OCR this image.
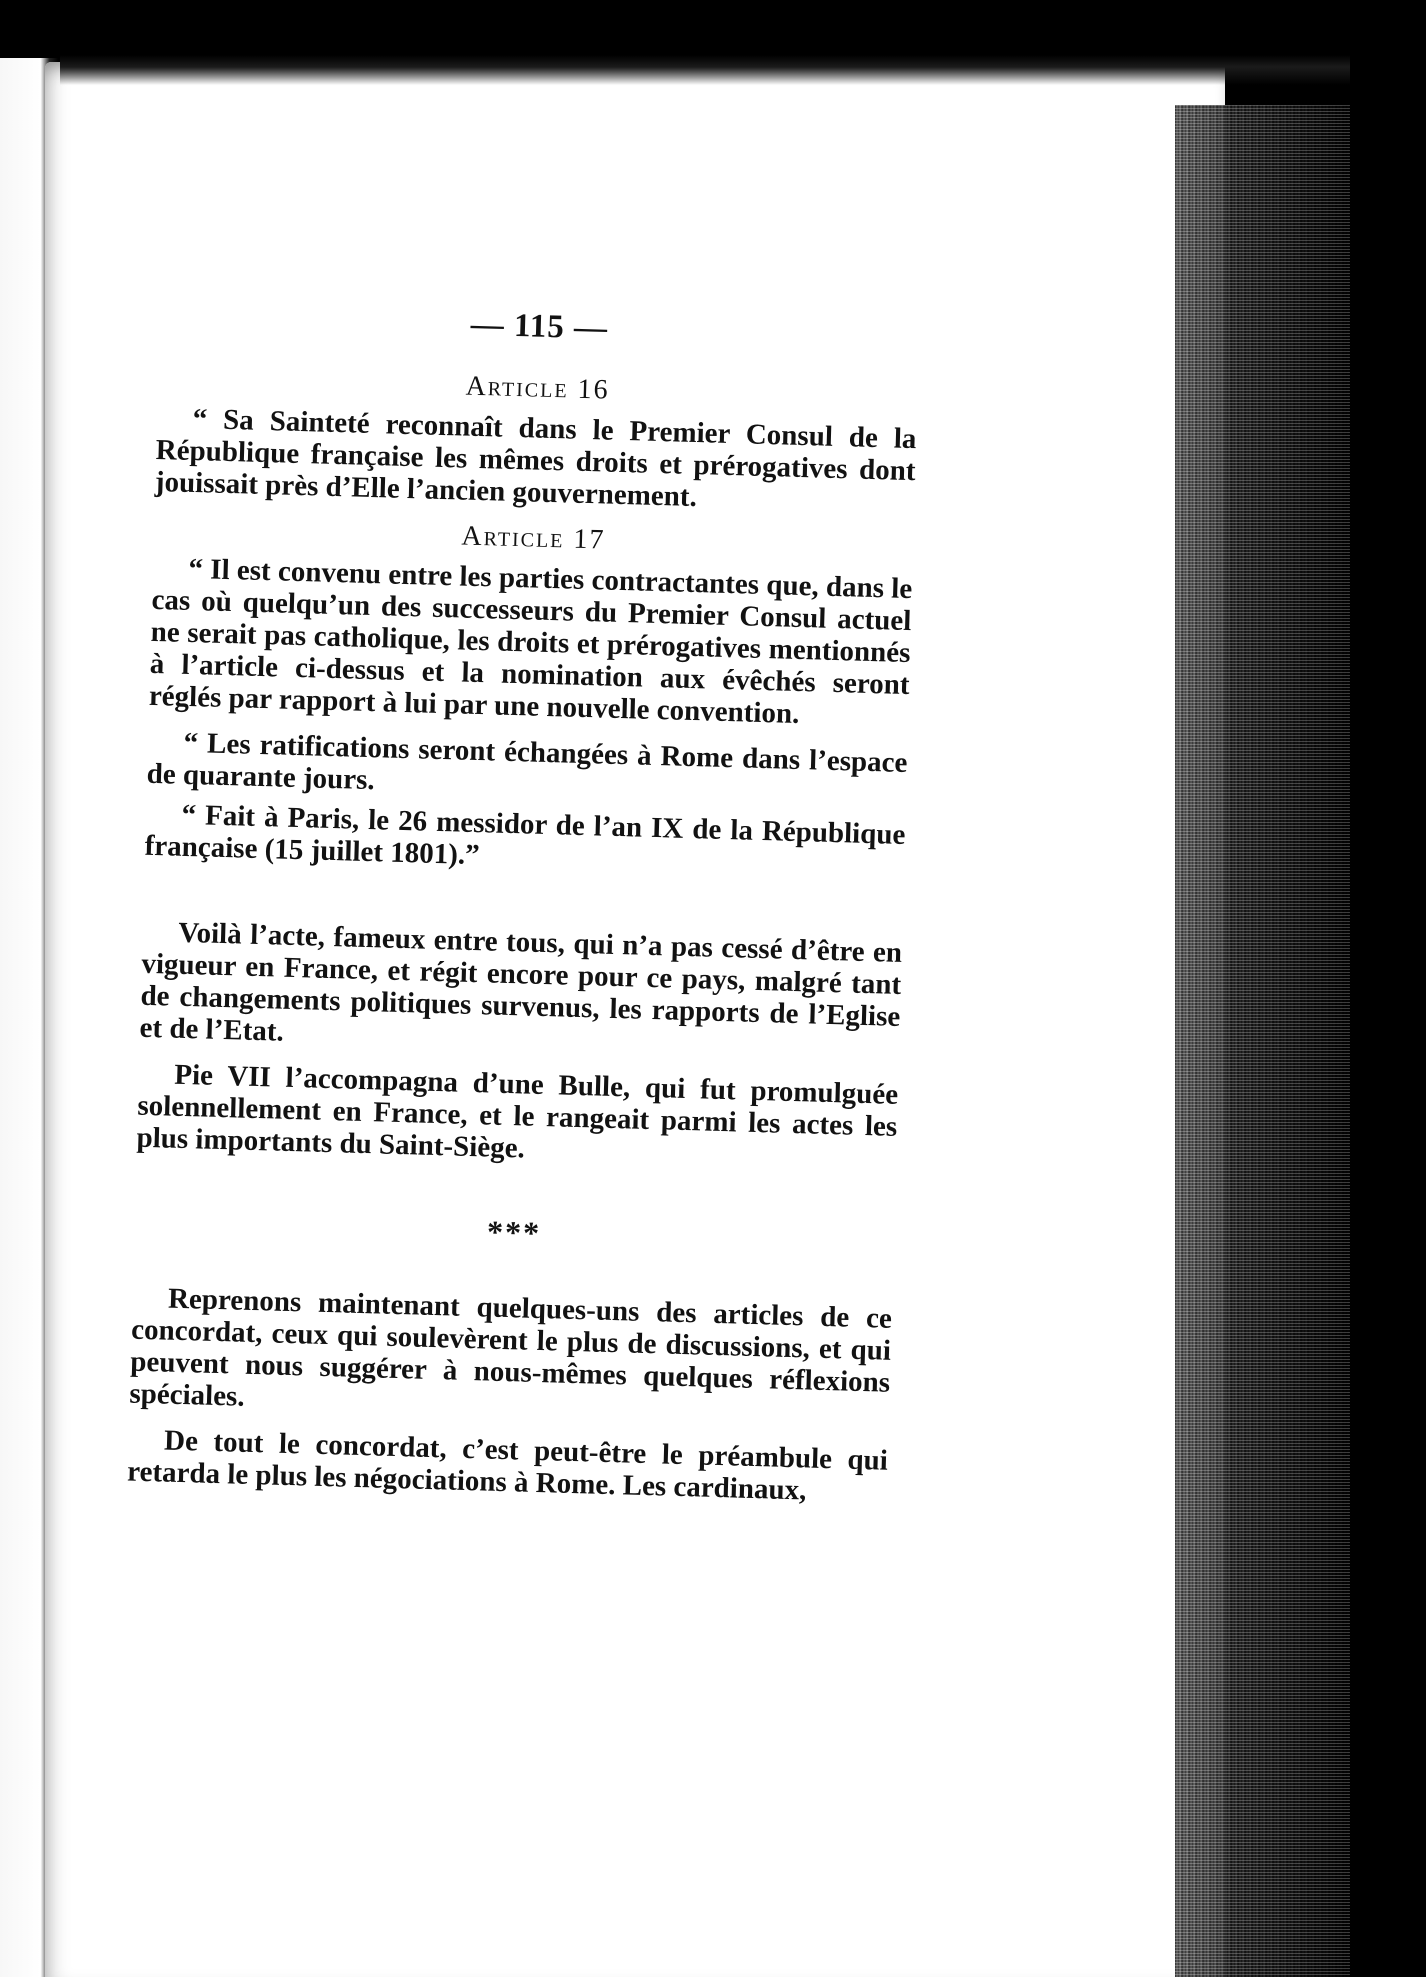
— 115 —
Article 16

“ Sa Sainteté reconnaît dans le Premier Consul de la République française les mêmes droits et prérogatives dont jouissait près d’Elle l’ancien gouvernement.

Article 17

“ Il est convenu entre les parties contractantes que, dans le cas où quelqu’un des successeurs du Premier Consul actuel ne serait pas catholique, les droits et prérogatives mentionnés à l’article ci-dessus et la nomination aux évêchés seront réglés par rapport à lui par une nouvelle convention.

“ Les ratifications seront échangées à Rome dans l’espace de quarante jours.

“ Fait à Paris, le 26 messidor de l’an IX de la République française (15 juillet 1801).”

Voilà l’acte, fameux entre tous, qui n’a pas cessé d’être en vigueur en France, et régit encore pour ce pays, malgré tant de changements politiques survenus, les rapports de l’Eglise et de l’Etat.

Pie VII l’accompagna d’une Bulle, qui fut promulguée solennellement en France, et le rangeait parmi les actes les plus importants du Saint-Siège.

***

Reprenons maintenant quelques-uns des articles de ce concordat, ceux qui soulevèrent le plus de discussions, et qui peuvent nous suggérer à nous-mêmes quelques réflexions spéciales.

De tout le concordat, c’est peut-être le préambule qui retarda le plus les négociations à Rome. Les cardinaux,
